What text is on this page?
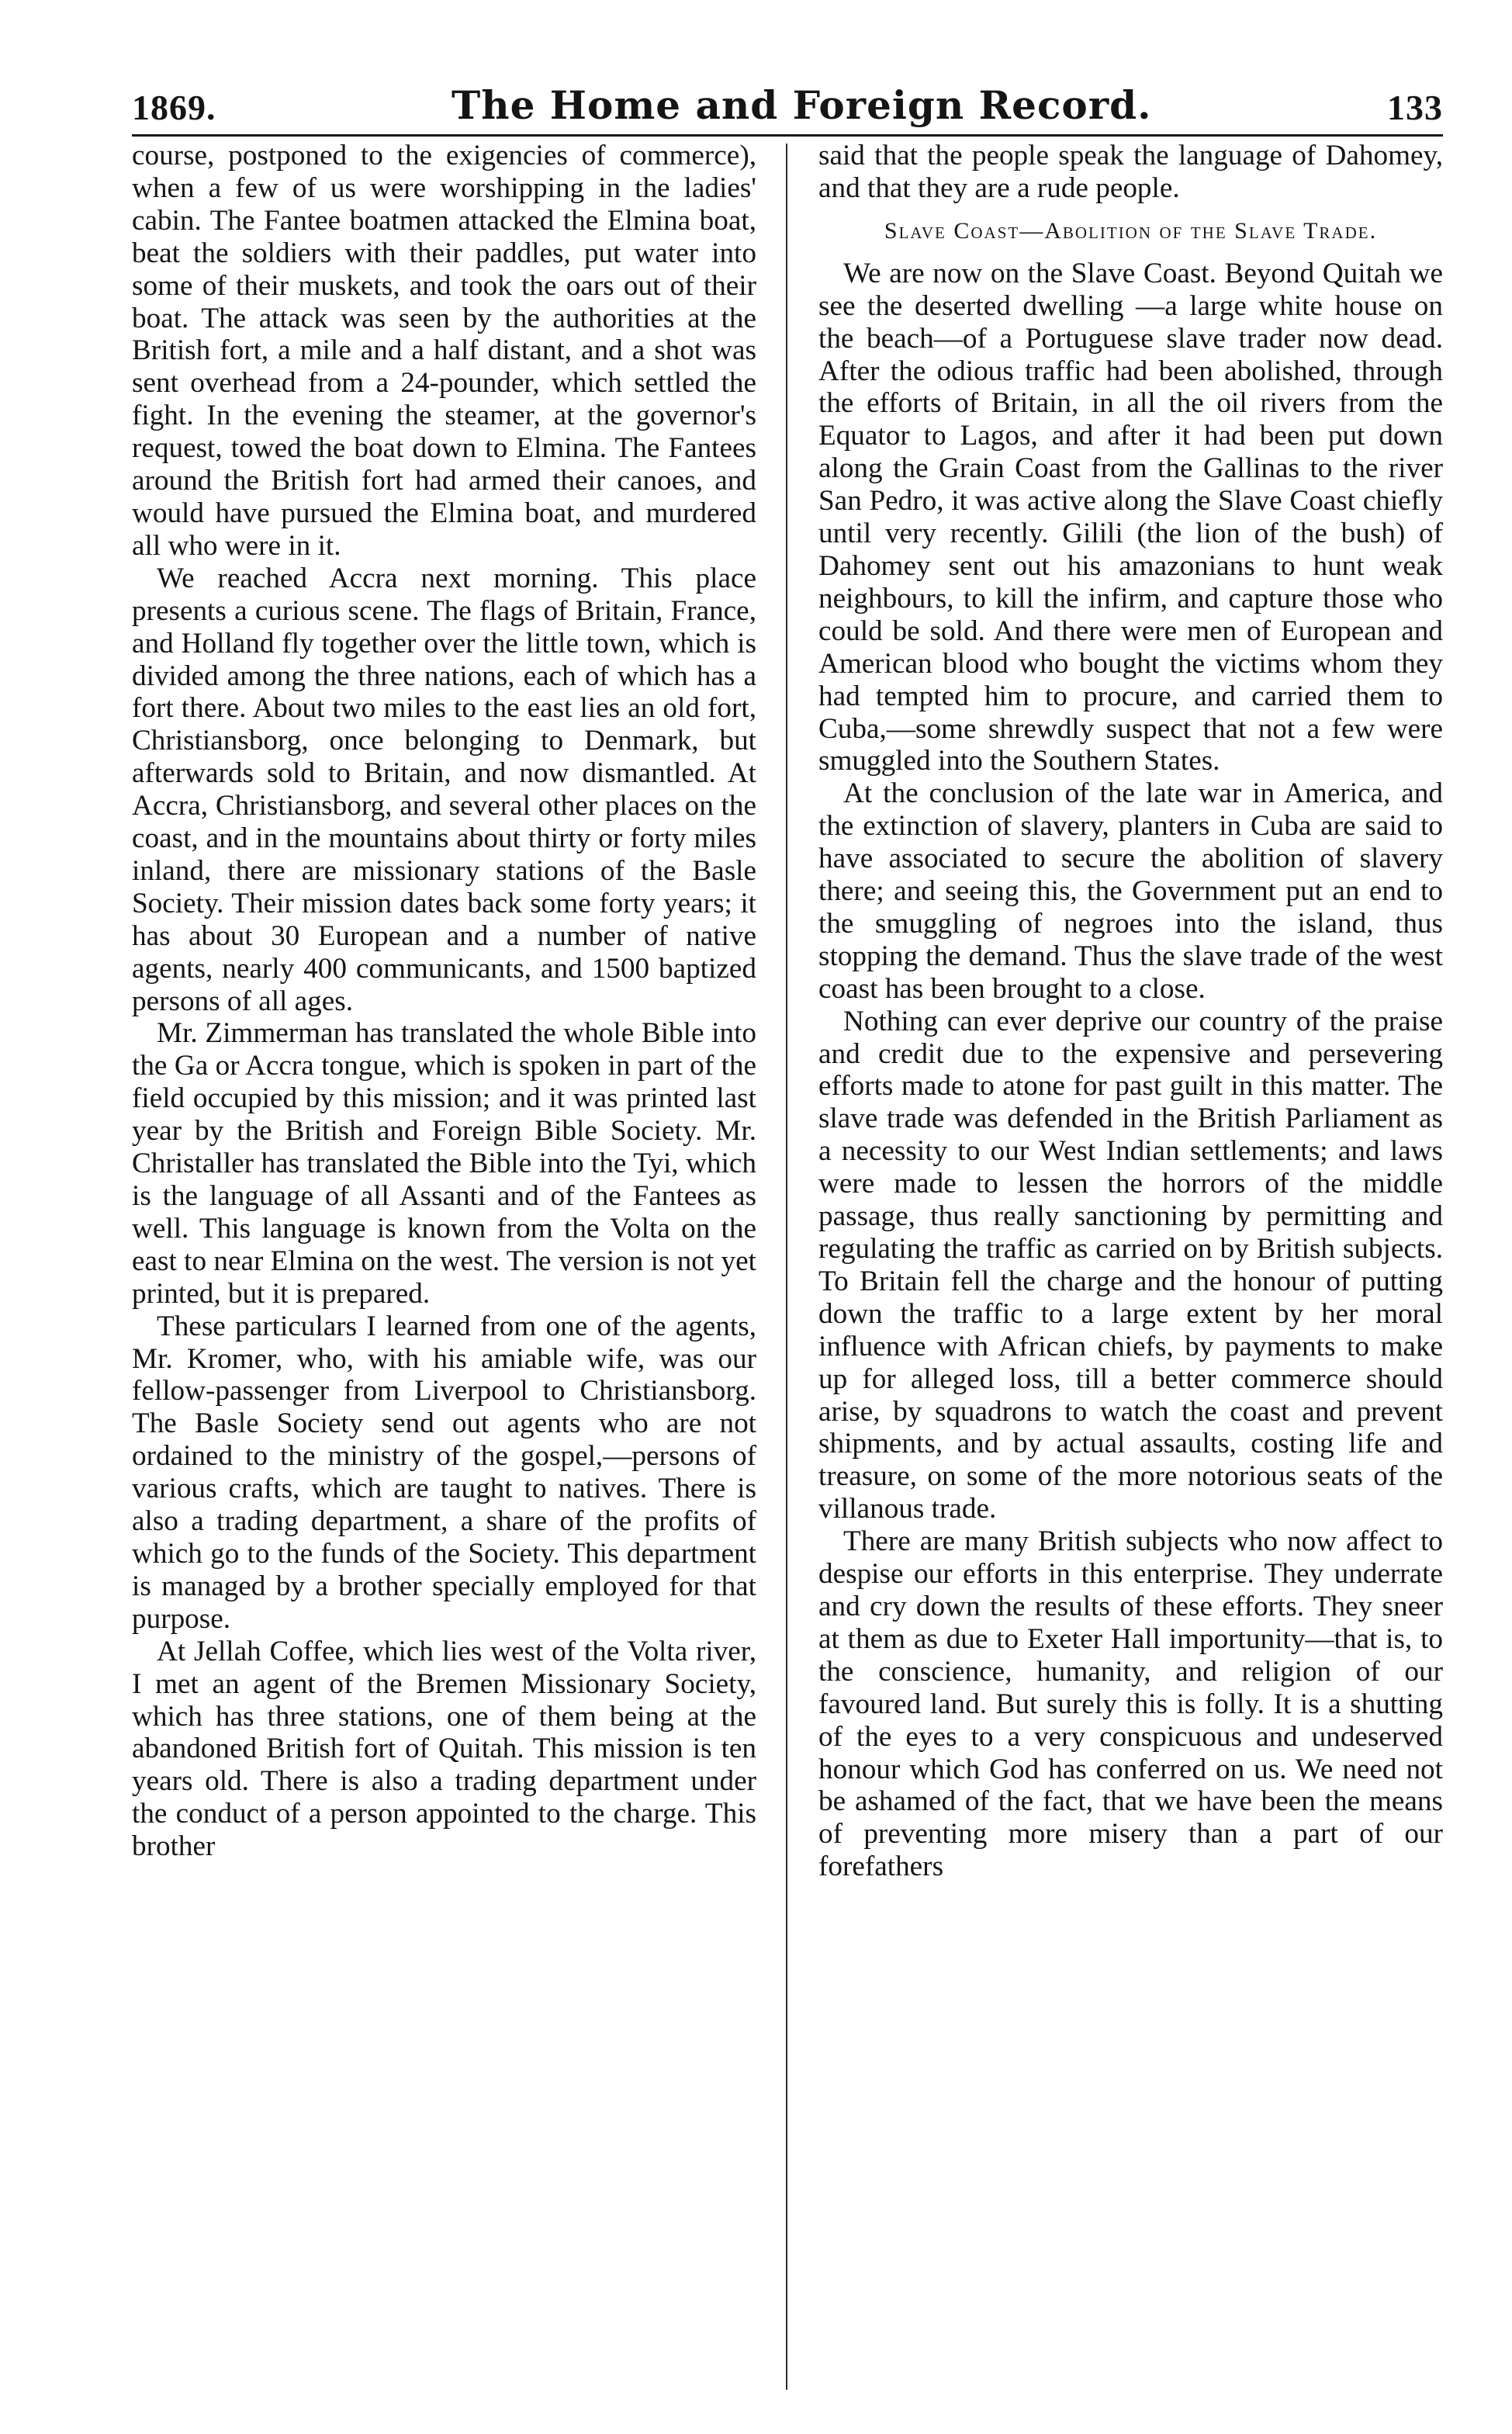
1869.	The Home and Foreign Record.	133

course, postponed to the exigencies of commerce), when a few of us were worshipping in the ladies' cabin. The Fantee boatmen attacked the Elmina boat, beat the soldiers with their paddles, put water into some of their muskets, and took the oars out of their boat. The attack was seen by the authorities at the British fort, a mile and a half distant, and a shot was sent overhead from a 24-pounder, which settled the fight. In the evening the steamer, at the governor's request, towed the boat down to Elmina. The Fantees around the British fort had armed their canoes, and would have pursued the Elmina boat, and murdered all who were in it.

We reached Accra next morning. This place presents a curious scene. The flags of Britain, France, and Holland fly together over the little town, which is divided among the three nations, each of which has a fort there. About two miles to the east lies an old fort, Christiansborg, once belonging to Denmark, but afterwards sold to Britain, and now dismantled. At Accra, Christiansborg, and several other places on the coast, and in the mountains about thirty or forty miles inland, there are missionary stations of the Basle Society. Their mission dates back some forty years; it has about 30 European and a number of native agents, nearly 400 communicants, and 1500 baptized persons of all ages.

Mr. Zimmerman has translated the whole Bible into the Ga or Accra tongue, which is spoken in part of the field occupied by this mission; and it was printed last year by the British and Foreign Bible Society. Mr. Christaller has translated the Bible into the Tyi, which is the language of all Assanti and of the Fantees as well. This language is known from the Volta on the east to near Elmina on the west. The version is not yet printed, but it is prepared.

These particulars I learned from one of the agents, Mr. Kromer, who, with his amiable wife, was our fellow-passenger from Liverpool to Christiansborg. The Basle Society send out agents who are not ordained to the ministry of the gospel,—persons of various crafts, which are taught to natives. There is also a trading department, a share of the profits of which go to the funds of the Society. This department is managed by a brother specially employed for that purpose.

At Jellah Coffee, which lies west of the Volta river, I met an agent of the Bremen Missionary Society, which has three stations, one of them being at the abandoned British fort of Quitah. This mission is ten years old. There is also a trading department under the conduct of a person appointed to the charge. This brother

said that the people speak the language of Dahomey, and that they are a rude people.

Slave Coast—Abolition of the Slave Trade.

We are now on the Slave Coast. Beyond Quitah we see the deserted dwelling —a large white house on the beach—of a Portuguese slave trader now dead. After the odious traffic had been abolished, through the efforts of Britain, in all the oil rivers from the Equator to Lagos, and after it had been put down along the Grain Coast from the Gallinas to the river San Pedro, it was active along the Slave Coast chiefly until very recently. Gilili (the lion of the bush) of Dahomey sent out his amazonians to hunt weak neighbours, to kill the infirm, and capture those who could be sold. And there were men of European and American blood who bought the victims whom they had tempted him to procure, and carried them to Cuba,—some shrewdly suspect that not a few were smuggled into the Southern States.

At the conclusion of the late war in America, and the extinction of slavery, planters in Cuba are said to have associated to secure the abolition of slavery there; and seeing this, the Government put an end to the smuggling of negroes into the island, thus stopping the demand. Thus the slave trade of the west coast has been brought to a close.

Nothing can ever deprive our country of the praise and credit due to the expensive and persevering efforts made to atone for past guilt in this matter. The slave trade was defended in the British Parliament as a necessity to our West Indian settlements; and laws were made to lessen the horrors of the middle passage, thus really sanctioning by permitting and regulating the traffic as carried on by British subjects. To Britain fell the charge and the honour of putting down the traffic to a large extent by her moral influence with African chiefs, by payments to make up for alleged loss, till a better commerce should arise, by squadrons to watch the coast and prevent shipments, and by actual assaults, costing life and treasure, on some of the more notorious seats of the villanous trade.

There are many British subjects who now affect to despise our efforts in this enterprise. They underrate and cry down the results of these efforts. They sneer at them as due to Exeter Hall importunity—that is, to the conscience, humanity, and religion of our favoured land. But surely this is folly. It is a shutting of the eyes to a very conspicuous and undeserved honour which God has conferred on us. We need not be ashamed of the fact, that we have been the means of preventing more misery than a part of our forefathers
